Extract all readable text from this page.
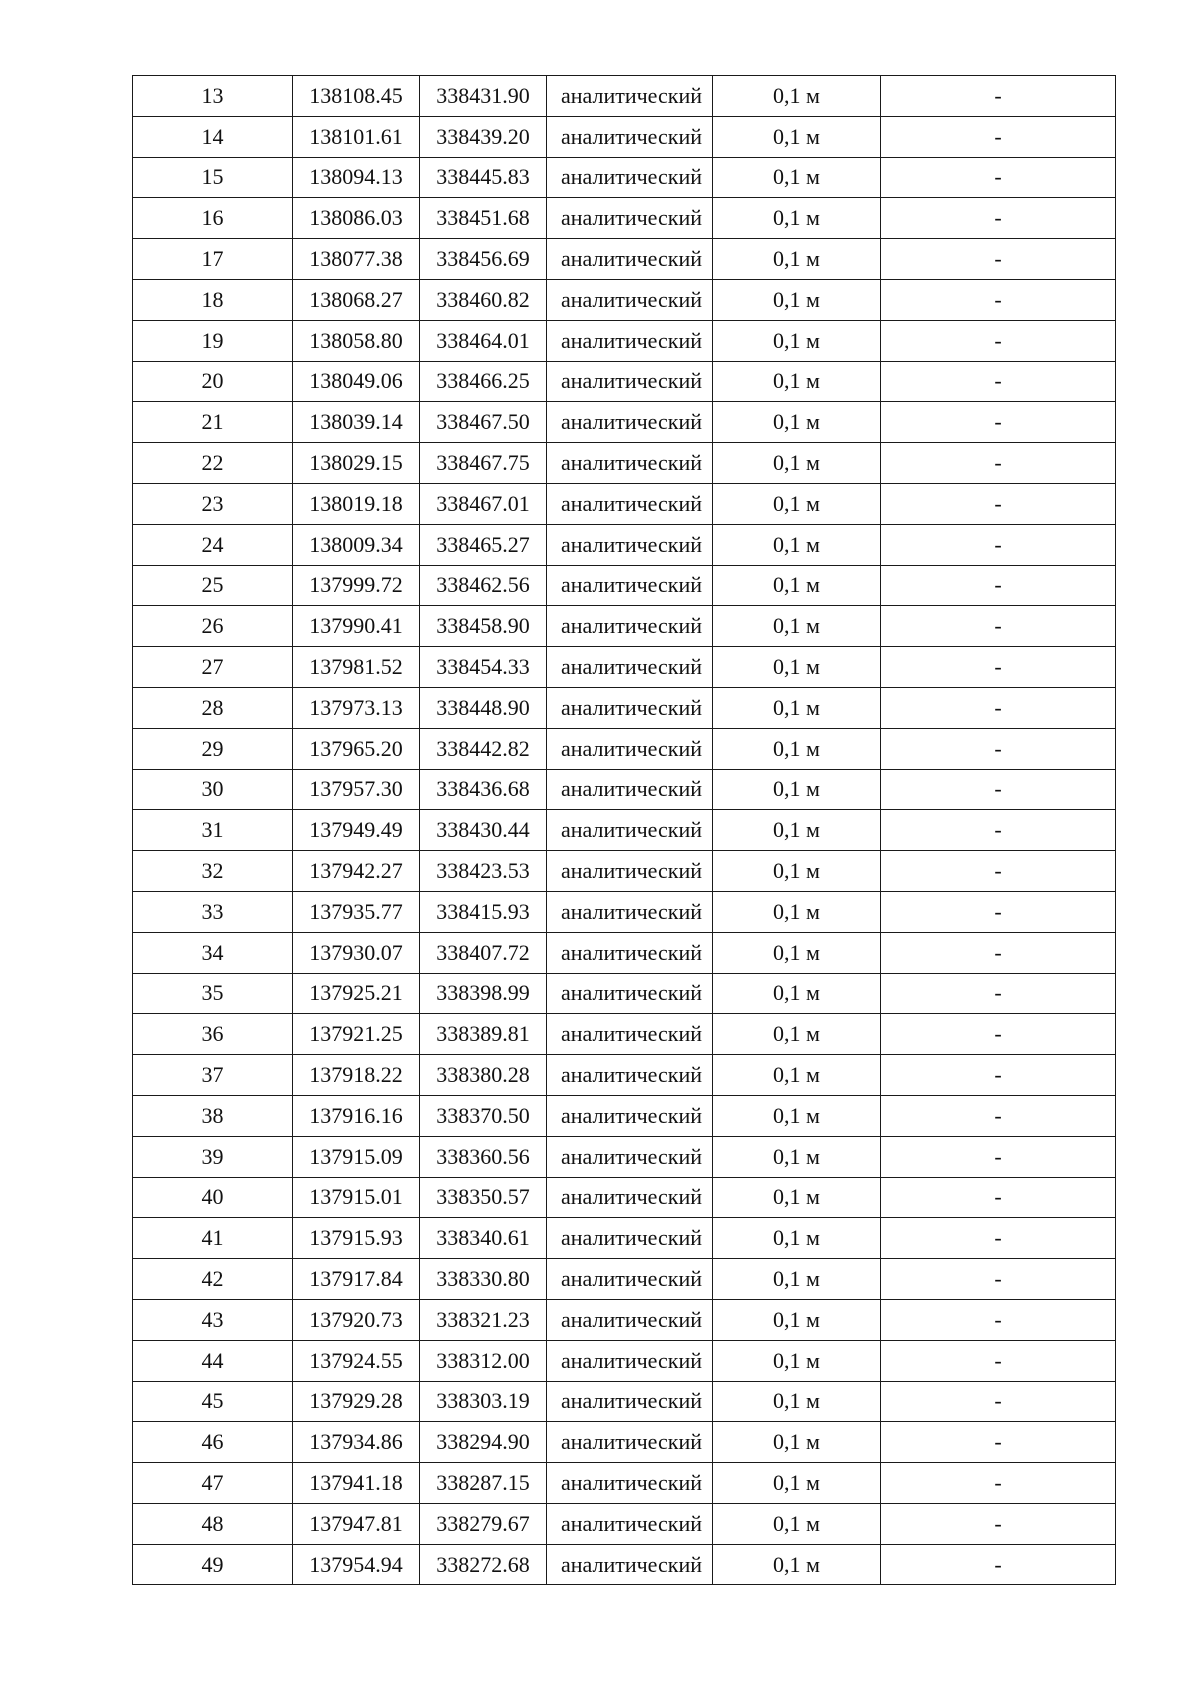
13	138108.45	338431.90	аналитический	0,1 м	-
14	138101.61	338439.20	аналитический	0,1 м	-
15	138094.13	338445.83	аналитический	0,1 м	-
16	138086.03	338451.68	аналитический	0,1 м	-
17	138077.38	338456.69	аналитический	0,1 м	-
18	138068.27	338460.82	аналитический	0,1 м	-
19	138058.80	338464.01	аналитический	0,1 м	-
20	138049.06	338466.25	аналитический	0,1 м	-
21	138039.14	338467.50	аналитический	0,1 м	-
22	138029.15	338467.75	аналитический	0,1 м	-
23	138019.18	338467.01	аналитический	0,1 м	-
24	138009.34	338465.27	аналитический	0,1 м	-
25	137999.72	338462.56	аналитический	0,1 м	-
26	137990.41	338458.90	аналитический	0,1 м	-
27	137981.52	338454.33	аналитический	0,1 м	-
28	137973.13	338448.90	аналитический	0,1 м	-
29	137965.20	338442.82	аналитический	0,1 м	-
30	137957.30	338436.68	аналитический	0,1 м	-
31	137949.49	338430.44	аналитический	0,1 м	-
32	137942.27	338423.53	аналитический	0,1 м	-
33	137935.77	338415.93	аналитический	0,1 м	-
34	137930.07	338407.72	аналитический	0,1 м	-
35	137925.21	338398.99	аналитический	0,1 м	-
36	137921.25	338389.81	аналитический	0,1 м	-
37	137918.22	338380.28	аналитический	0,1 м	-
38	137916.16	338370.50	аналитический	0,1 м	-
39	137915.09	338360.56	аналитический	0,1 м	-
40	137915.01	338350.57	аналитический	0,1 м	-
41	137915.93	338340.61	аналитический	0,1 м	-
42	137917.84	338330.80	аналитический	0,1 м	-
43	137920.73	338321.23	аналитический	0,1 м	-
44	137924.55	338312.00	аналитический	0,1 м	-
45	137929.28	338303.19	аналитический	0,1 м	-
46	137934.86	338294.90	аналитический	0,1 м	-
47	137941.18	338287.15	аналитический	0,1 м	-
48	137947.81	338279.67	аналитический	0,1 м	-
49	137954.94	338272.68	аналитический	0,1 м	-
